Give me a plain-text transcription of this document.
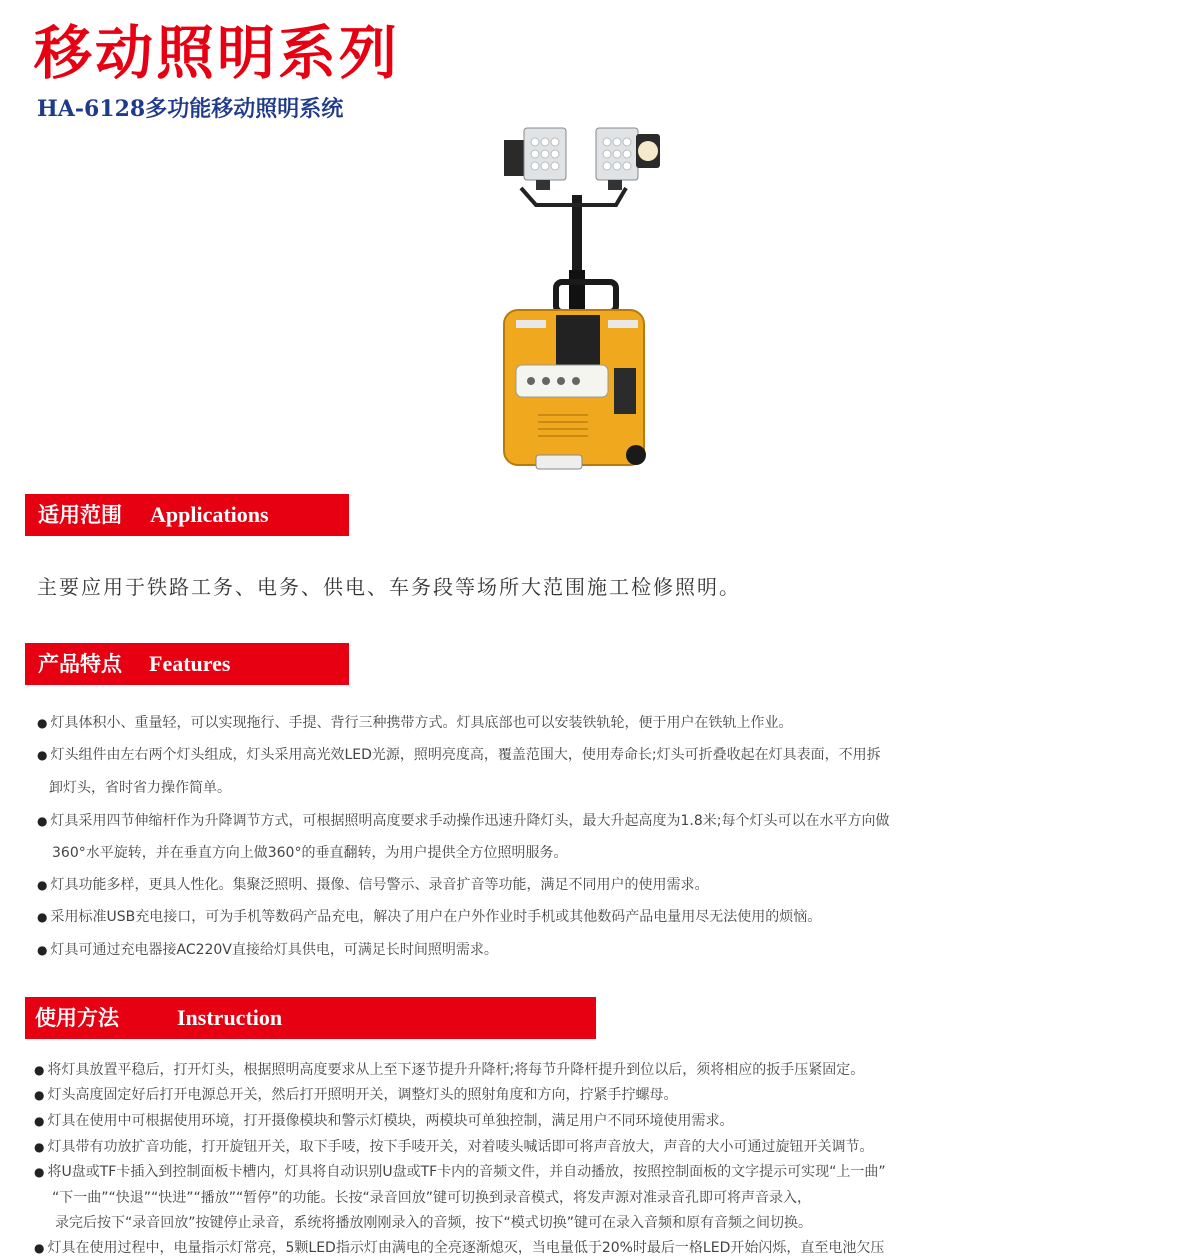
移动照明系列
HA-6128多功能移动照明系统
适用范围 Applications
主要应用于铁路工务、电务、供电、车务段等场所大范围施工检修照明。
产品特点 Features
● 灯具体积小、重量轻，可以实现拖行、手提、背行三种携带方式。灯具底部也可以安装铁轨轮，便于用户在铁轨上作业。
● 灯头组件由左右两个灯头组成，灯头采用高光效LED光源，照明亮度高，覆盖范围大，使用寿命长;灯头可折叠收起在灯具表面，不用拆
卸灯头，省时省力操作简单。
● 灯具采用四节伸缩杆作为升降调节方式，可根据照明高度要求手动操作迅速升降灯头，最大升起高度为1.8米;每个灯头可以在水平方向做
360°水平旋转，并在垂直方向上做360°的垂直翻转，为用户提供全方位照明服务。
● 灯具功能多样，更具人性化。集聚泛照明、摄像、信号警示、录音扩音等功能，满足不同用户的使用需求。
● 采用标准USB充电接口，可为手机等数码产品充电，解决了用户在户外作业时手机或其他数码产品电量用尽无法使用的烦恼。
● 灯具可通过充电器接AC220V直接给灯具供电，可满足长时间照明需求。
使用方法	Instruction
● 将灯具放置平稳后，打开灯头，根据照明高度要求从上至下逐节提升升降杆;将每节升降杆提升到位以后，须将相应的扳手压紧固定。
● 灯头高度固定好后打开电源总开关，然后打开照明开关，调整灯头的照射角度和方向，拧紧手拧螺母。
● 灯具在使用中可根据使用环境，打开摄像模块和警示灯模块，两模块可单独控制，满足用户不同环境使用需求。
● 灯具带有功放扩音功能，打开旋钮开关，取下手唛，按下手唛开关，对着唛头喊话即可将声音放大，声音的大小可通过旋钮开关调节。
● 将U盘或TF卡插入到控制面板卡槽内，灯具将自动识别U盘或TF卡内的音频文件，并自动播放，按照控制面板的文字提示可实现“上一曲”
“下一曲”“快退”“快进”“播放”“暂停”的功能。长按“录音回放”键可切换到录音模式，将发声源对准录音孔即可将声音录入，
录完后按下“录音回放”按键停止录音，系统将播放刚刚录入的音频，按下“模式切换”键可在录入音频和原有音频之间切换。
● 灯具在使用过程中，电量指示灯常亮，5颗LED指示灯由满电的全亮逐渐熄灭，当电量低于20%时最后一格LED开始闪烁，直至电池欠压
